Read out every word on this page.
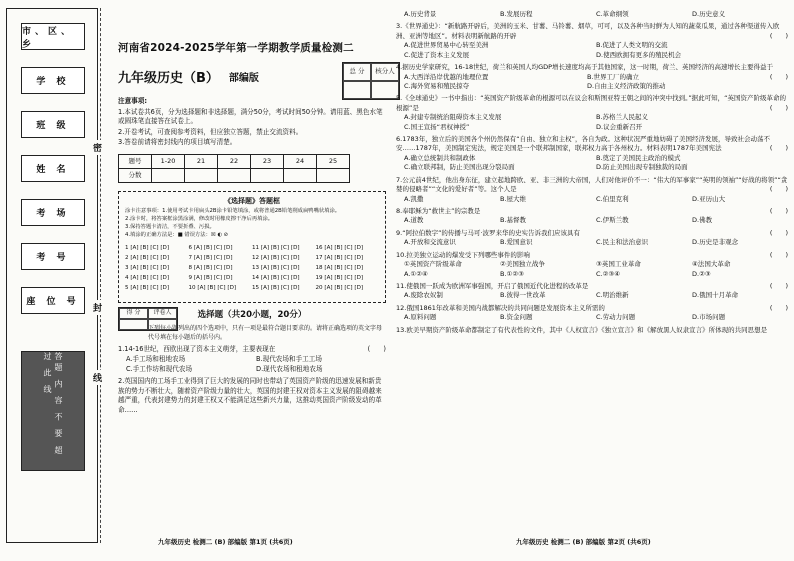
市、区、乡
学 校
班 级
姓 名
考 场
考 号
座 位 号
答题 内 容 不 要 超 过 此 线
密
封
线
河南省2024-2025学年第一学期教学质量检测二
九年级历史（B） 部编版
总 分	核分人

注意事项:

1.本试卷共6页，分为选择题和非选择题，满分50分，考试时间50分钟。请用蓝、黑色水笔或圆珠笔直接答在试卷上。

2.开卷考试，可查阅参考资料，但应独立答题，禁止交流资料。

3.答卷前请将密封线内的项目填写清楚。

题号	1-20	21	22	23	24	25
分数						
《选择题》答题框
涂卡注意事项：1.使用考试卡用扁头2B涂卡铅笔填涂，或将普通2B铅笔削成扁鸭嘴状填涂。
2.涂卡时，将答案框涂黑涂满，修改时用橡皮擦干净后再填涂。
3.保持答题卡清洁，不要折叠、污损。
4.填涂的正确方法是：■ 错误方法：☒ ◐ ⊘
1 [A] [B] [C] [D]	6 [A] [B] [C] [D]	11 [A] [B] [C] [D]	16 [A] [B] [C] [D]
2 [A] [B] [C] [D]	7 [A] [B] [C] [D]	12 [A] [B] [C] [D]	17 [A] [B] [C] [D]
3 [A] [B] [C] [D]	8 [A] [B] [C] [D]	13 [A] [B] [C] [D]	18 [A] [B] [C] [D]
4 [A] [B] [C] [D]	9 [A] [B] [C] [D]	14 [A] [B] [C] [D]	19 [A] [B] [C] [D]
5 [A] [B] [C] [D]	10 [A] [B] [C] [D]	15 [A] [B] [C] [D]	20 [A] [B] [C] [D]
得 分	评卷人	选择题（共20小题，20分）
下列每小题列出的四个选项中，只有一项是最符合题目要求的。请将正确选项的英文字母代号填在每小题后的括号内。
1.14-16世纪，西欧出现了资本主义萌芽，主要表现在	(　　)
A.手工场和租地农场	B.现代农场和手工工场
C.手工作坊和现代农场	D.现代农场和租地农场
2.英国国内的工场手工业得到了巨大的发展的同时也带动了英国资产阶级的迅速发展和新贵族的势力不断壮大，随着资产阶级力量的壮大，英国的封建王权对资本主义发展的阻碍越来越严重，代表封建势力的封建王权又不能满足这些新兴力量，这推动英国资产阶级发动的革命……
九年级历史 检测二 (B) 部编版 第1页 (共6页)
A.历史背景	B.发展历程	C.革命纲领	D.历史意义
3.《世界通史》：“新航路开辟后，美洲的玉米、甘薯、马铃薯、烟草，可可，以及各种当时鲜为人知的蔬菜瓜果，通过各种渠道传入欧洲、亚洲等地区”。材料表明新航路的开辟	(　　)
A.促进世界贸易中心转至美洲	B.促进了人类文明的交流
C.促进了资本主义发展	D.使西欧拥有更多的殖民机会
4.据历史学家研究，16-18世纪，荷兰和英国人均GDP增长速度均高于其他国家，这一时期，荷兰、英国经济的高速增长主要得益于
(　　)
A.大西洋沿岸优越的地理位置	B.世界工厂的确立
C.海外贸易和殖民掠夺	D.自由主义经济政策的推动
5.《全球通史》一书中指出：“英国资产阶级革命的根源可以在议会和斯图亚特王朝之间的冲突中找到。”据此可知，“英国资产阶级革命的根源”是	(　　)
A.封建专制统治阻碍资本主义发展	B.苏格兰人民起义
C.国王宣扬“君权神授”	D.议会重新召开
6.1783年，独立后的美国各个州仍然保有“自由、独立和主权”，各自为政。这种状况严重地妨碍了美国经济发展，导致社会动荡不安……1787年，美国制定宪法，规定美国是一个联邦制国家，联邦权力高于各州权力。材料表明1787年美国宪法	(　　)
A.确立总统制共和制政体	B.奠定了美国民主政治的模式
C.确立联邦制，防止美国出现分裂局面	D.防止美国出现专制独裁的局面
7.公元前4世纪，他出身东征，建立起地跨欧、亚、非三洲的大帝国，人们对他评价不一：“伟大的军事家”“英明的领袖”“好战的将领”“贪婪的侵略者”“文化的爱好者”等。这个人是	(　　)
A.凯撒	B.屋大维	C.伯里克利	D.亚历山大
8.奉耶稣为“救世主”的宗教是	(　　)
A.道教	B.基督教	C.伊斯兰教	D.佛教
9.“阿拉伯数字”的传播与马可·波罗来华的史实告诉我们应该具有	(　　)
A.开放和交流意识	B.爱国意识	C.民主和法治意识	D.历史是非观念
10.拉美独立运动的爆发受下列哪些事件的影响	(　　)
①英国资产阶级革命	②美国独立战争	③英国工业革命	④法国大革命
A.①②④	B.①②③	C.②③④	D.②③
11.使俄国一跃成为欧洲军事强国，开启了俄国近代化进程的改革是	(　　)
A.废除农奴制	B.彼得一世改革	C.明治维新	D.俄国十月革命
12.俄国1861年改革和美国内战都解决的共同问题是发展资本主义所需的	(　　)
A.原料问题	B.资金问题	C.劳动力问题	D.市场问题
13.欧美早期资产阶级革命都制定了有代表性的文件，其中《人权宣言》《独立宣言》和《解放黑人奴隶宣言》所体现的共同思想是
九年级历史 检测二 (B) 部编版 第2页 (共6页)
